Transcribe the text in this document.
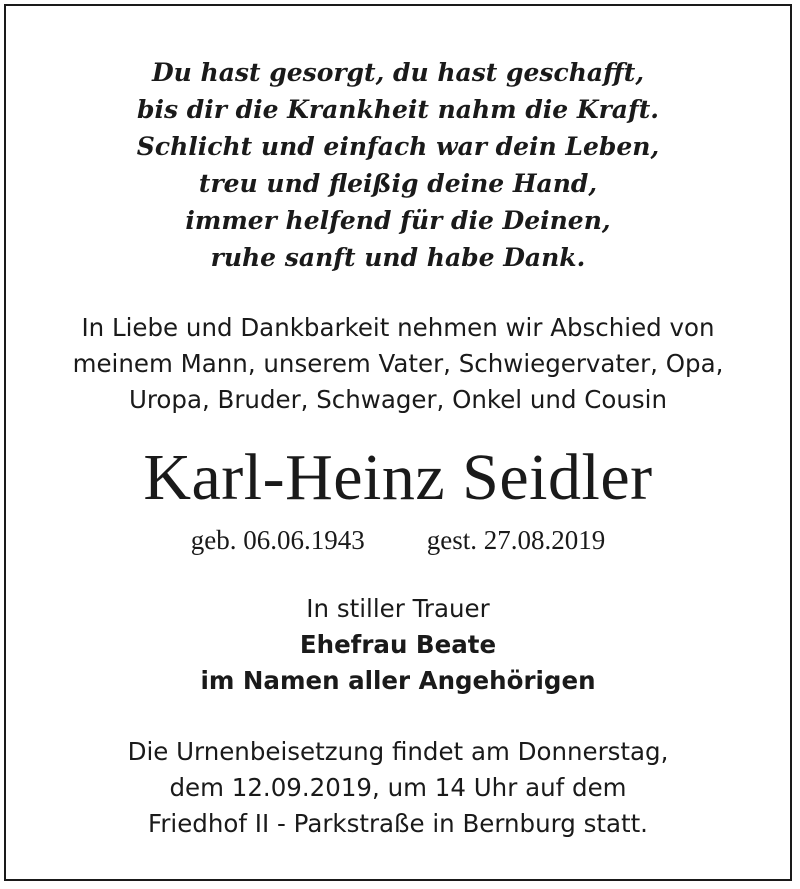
Du hast gesorgt, du hast geschafft,
bis dir die Krankheit nahm die Kraft.
Schlicht und einfach war dein Leben,
treu und fleißig deine Hand,
immer helfend für die Deinen,
ruhe sanft und habe Dank.
In Liebe und Dankbarkeit nehmen wir Abschied von
meinem Mann, unserem Vater, Schwiegervater, Opa,
Uropa, Bruder, Schwager, Onkel und Cousin
Karl-Heinz Seidler
geb. 06.06.1943 gest. 27.08.2019
In stiller Trauer
Ehefrau Beate
im Namen aller Angehörigen
Die Urnenbeisetzung findet am Donnerstag,
dem 12.09.2019, um 14 Uhr auf dem
Friedhof II - Parkstraße in Bernburg statt.
